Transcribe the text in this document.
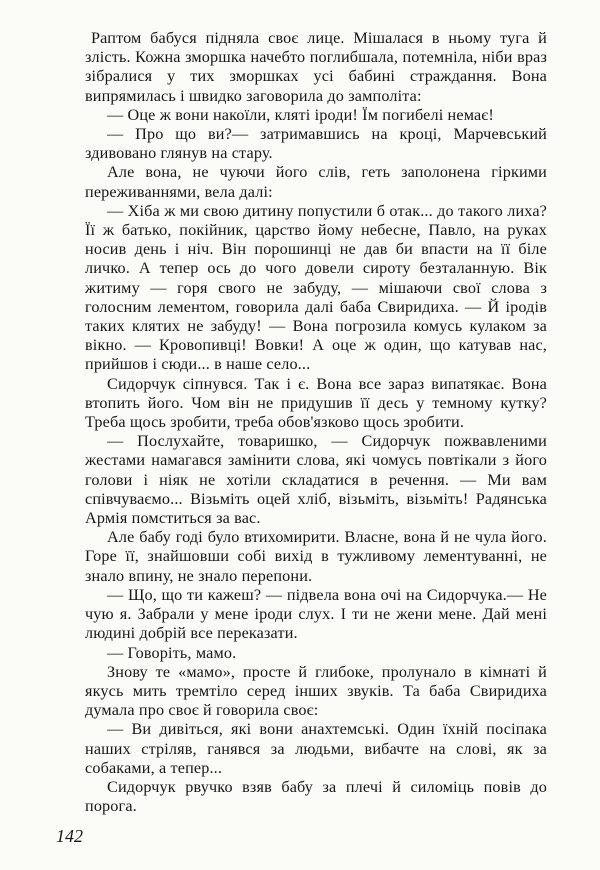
Раптом бабуся підняла своє лице. Мішалася в ньому туга й злість. Кожна зморшка начебто поглибшала, потемніла, ніби враз зібралися у тих зморшках усі бабині страждання. Вона випрямилась і швидко заговорила до замполіта:

— Оце ж вони накоїли, кляті іроди! Їм погибелі немає!

— Про що ви?— затримавшись на кроці, Марчевський здивовано глянув на стару.

Але вона, не чуючи його слів, геть заполонена гіркими переживаннями, вела далі:

— Хіба ж ми свою дитину попустили б отак... до такого лиха? Її ж батько, покійник, царство йому небесне, Павло, на руках носив день і ніч. Він порошинці не дав би впасти на її біле личко. А тепер ось до чого довели сироту безталанную. Вік житиму — горя свого не забуду, — мішаючи свої слова з голосним лементом, говорила далі баба Свиридиха. — Й іродів таких клятих не забуду! — Вона погрозила комусь кулаком за вікно. — Кровопивці! Вовки! А оце ж один, що катував нас, прийшов і сюди... в наше село...

Сидорчук сіпнувся. Так і є. Вона все зараз випатякає. Вона втопить його. Чом він не придушив її десь у темному кутку? Треба щось зробити, треба обов'язково щось зробити.

— Послухайте, товаришко, — Сидорчук пожвавленими жестами намагався замінити слова, які чомусь повтікали з його голови і ніяк не хотіли складатися в речення. — Ми вам співчуваємо... Візьміть оцей хліб, візьміть, візьміть! Радянська Армія помститься за вас.

Але бабу годі було втихомирити. Власне, вона й не чула його. Горе її, знайшовши собі вихід в тужливому лементуванні, не знало впину, не знало перепони.

— Що, що ти кажеш? — підвела вона очі на Сидорчука.— Не чую я. Забрали у мене іроди слух. І ти не жени мене. Дай мені людині добрій все переказати.

— Говоріть, мамо.

Знову те «мамо», просте й глибоке, пролунало в кімнаті й якусь мить тремтіло серед інших звуків. Та баба Свиридиха думала про своє й говорила своє:

— Ви дивіться, які вони анахтемські. Один їхній посіпака наших стріляв, ганявся за людьми, вибачте на слові, як за собаками, а тепер...

Сидорчук рвучко взяв бабу за плечі й силоміць повів до порога.

142
